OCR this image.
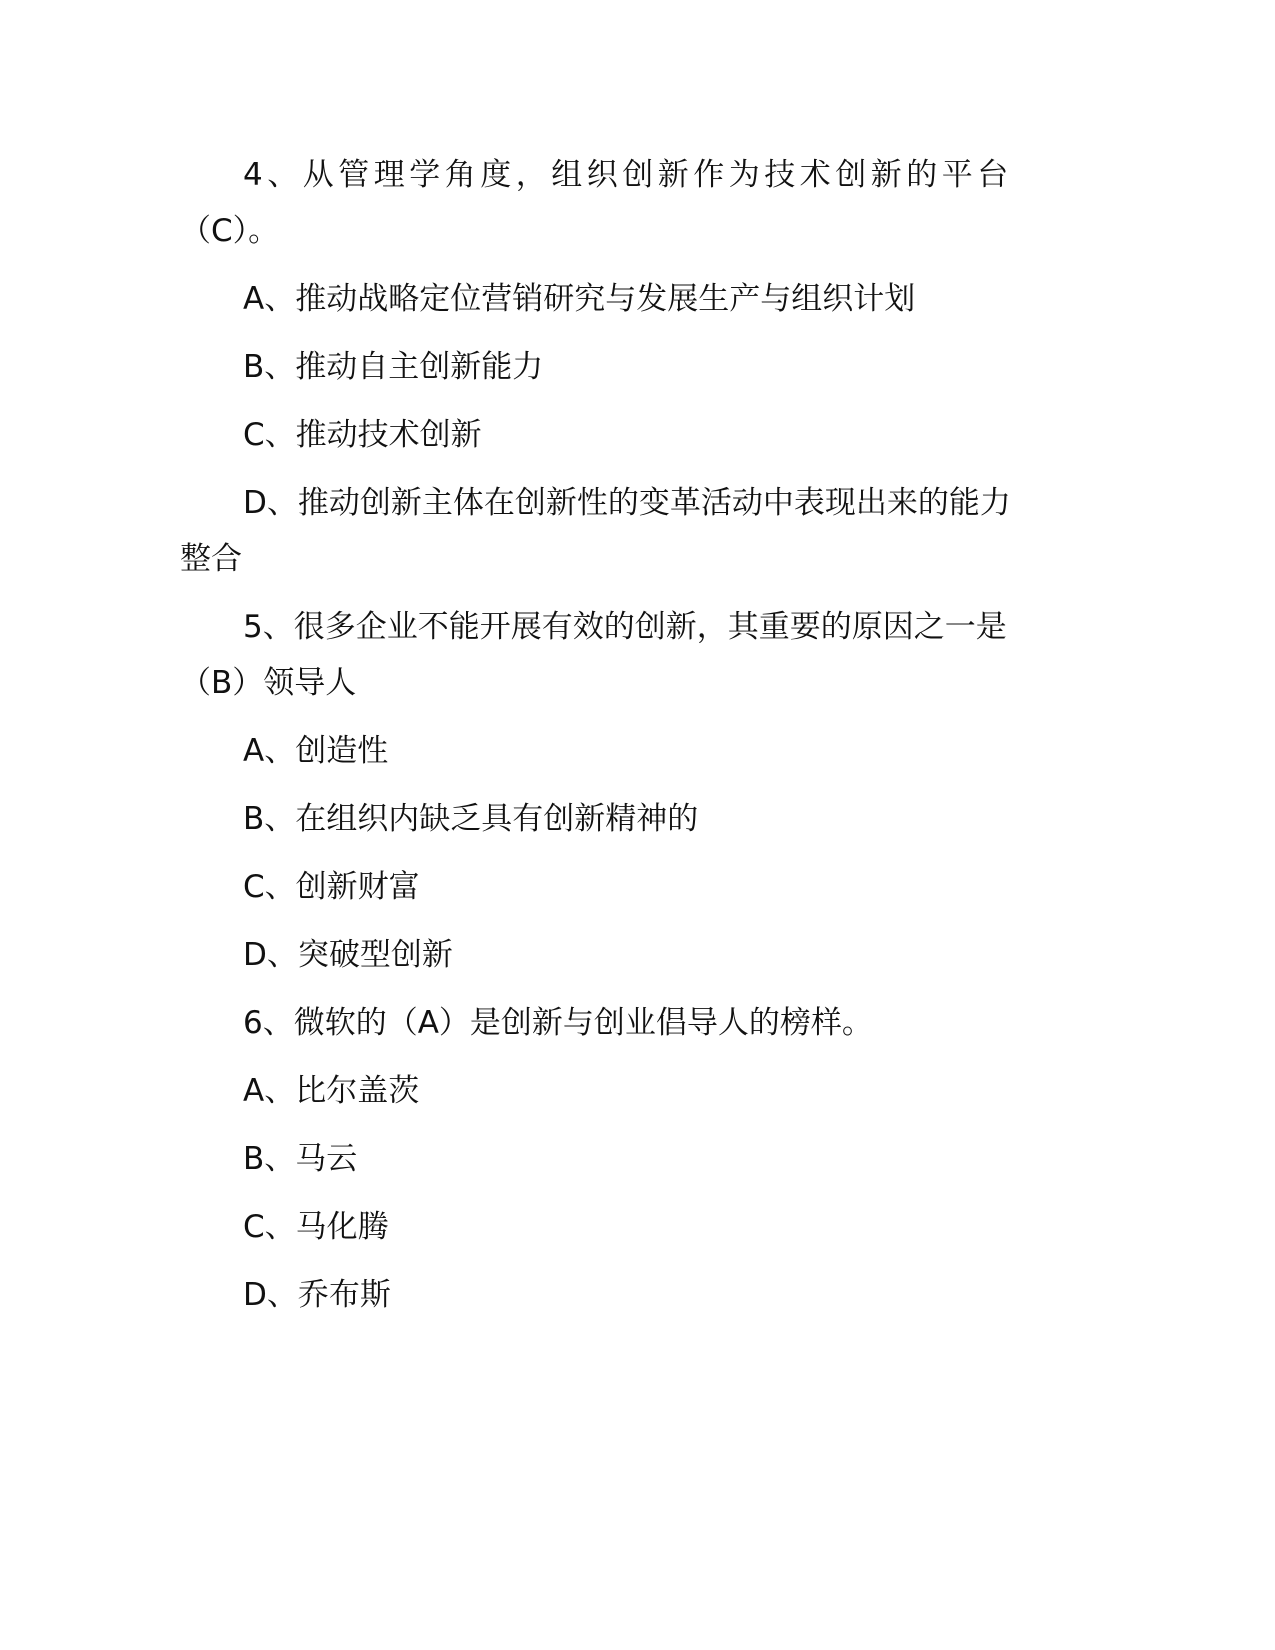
4、从管理学角度，组织创新作为技术创新的平台

（C）。

A、推动战略定位营销研究与发展生产与组织计划

B、推动自主创新能力

C、推动技术创新

D、推动创新主体在创新性的变革活动中表现出来的能力整合

5、很多企业不能开展有效的创新，其重要的原因之一是

（B）领导人

A、创造性

B、在组织内缺乏具有创新精神的

C、创新财富

D、突破型创新

6、微软的（A）是创新与创业倡导人的榜样。

A、比尔盖茨

B、马云

C、马化腾

D、乔布斯
